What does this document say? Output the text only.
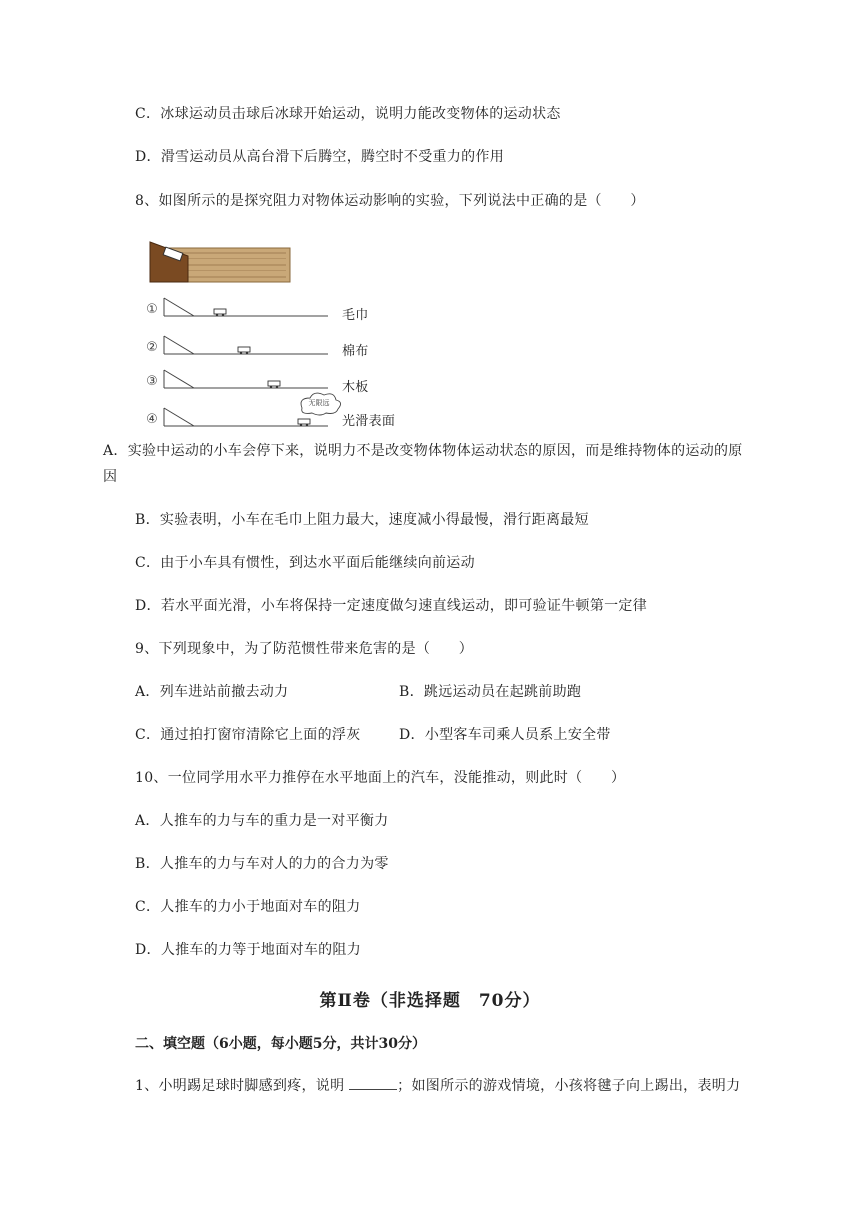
C．冰球运动员击球后冰球开始运动，说明力能改变物体的运动状态
D．滑雪运动员从高台滑下后腾空，腾空时不受重力的作用
8、如图所示的是探究阻力对物体运动影响的实验，下列说法中正确的是（　　）
①
②
③
④
无限远
毛巾
棉布
木板
光滑表面
A．实验中运动的小车会停下来，说明力不是改变物体物体运动状态的原因，而是维持物体的运动的原
因
B．实验表明，小车在毛巾上阻力最大，速度减小得最慢，滑行距离最短
C．由于小车具有惯性，到达水平面后能继续向前运动
D．若水平面光滑，小车将保持一定速度做匀速直线运动，即可验证牛顿第一定律
9、下列现象中，为了防范惯性带来危害的是（　　）
A．列车进站前撤去动力	B．跳远运动员在起跳前助跑
C．通过拍打窗帘清除它上面的浮灰	D．小型客车司乘人员系上安全带
10、一位同学用水平力推停在水平地面上的汽车，没能推动，则此时（　　）
A．人推车的力与车的重力是一对平衡力
B．人推车的力与车对人的力的合力为零
C．人推车的力小于地面对车的阻力
D．人推车的力等于地面对车的阻力
第Ⅱ卷（非选择题　70分）
二、填空题（6小题，每小题5分，共计30分）
1、小明踢足球时脚感到疼，说明	；如图所示的游戏情境，小孩将毽子向上踢出，表明力
